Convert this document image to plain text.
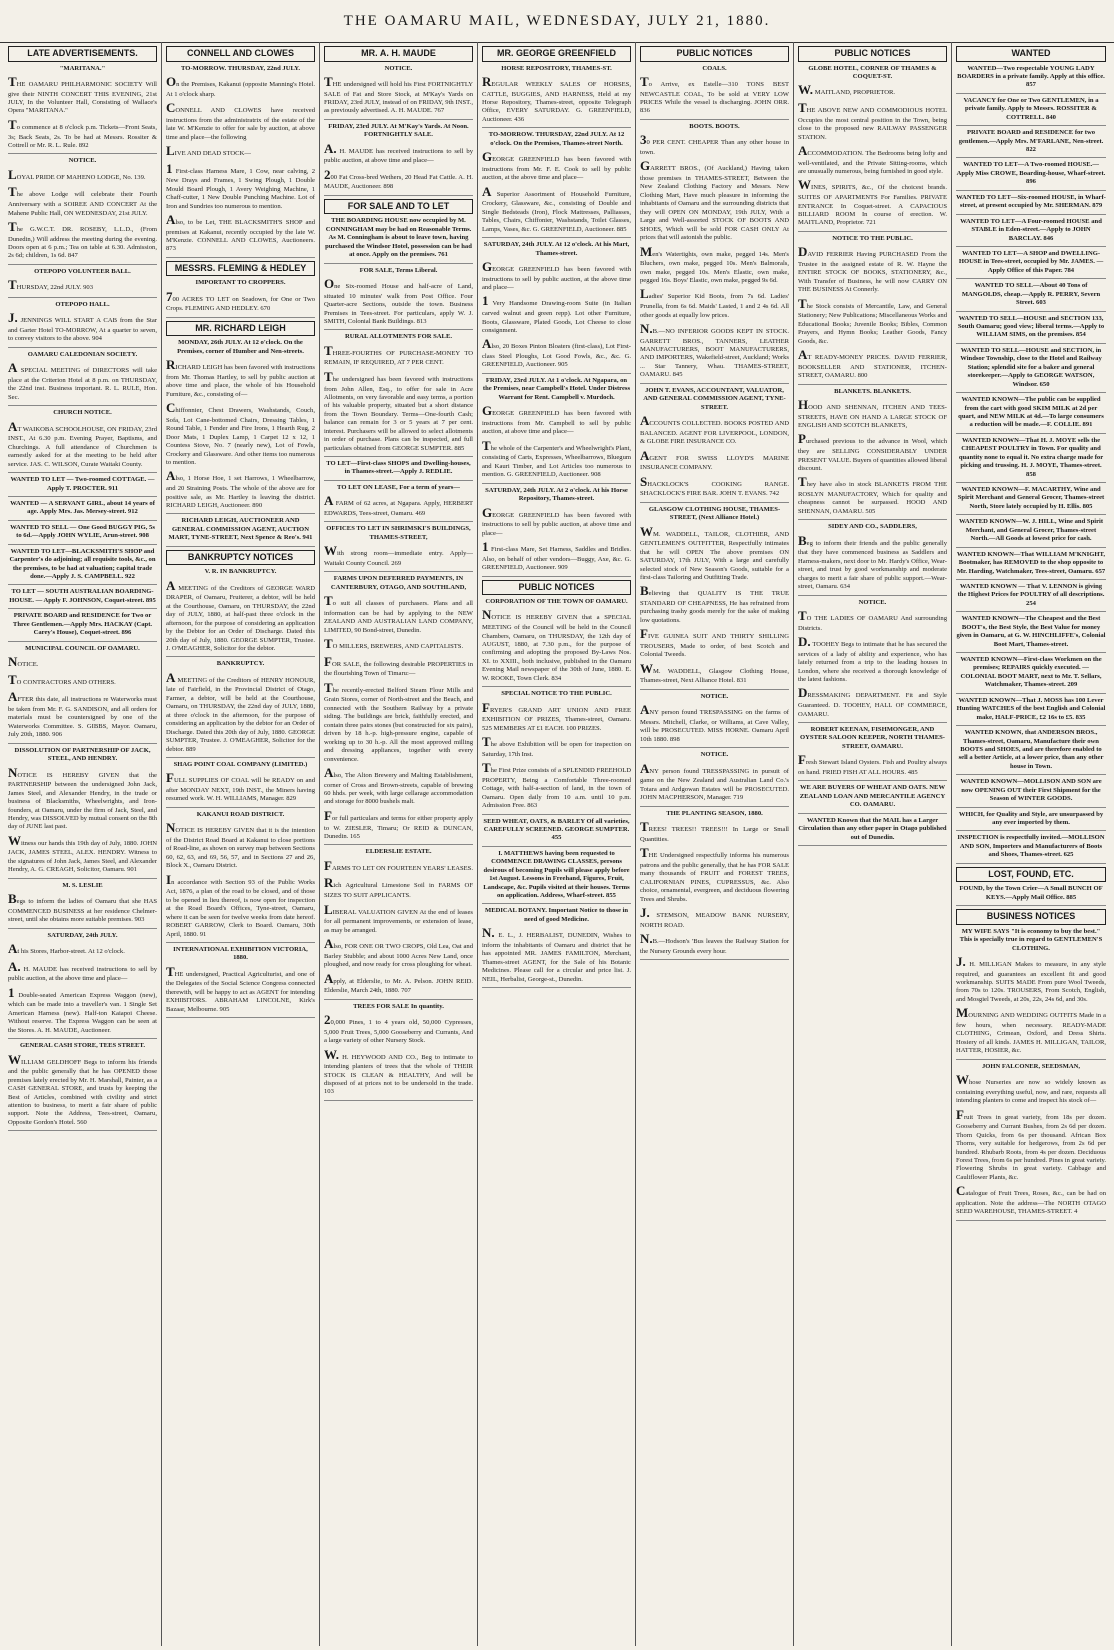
THE OAMARU MAIL, WEDNESDAY, JULY 21, 1880.
LATE ADVERTISEMENTS.

"MARITANA."

THE OAMARU PHILHARMONIC SOCIETY Will give their NINTH CONCERT THIS EVENING, 21st JULY, In the Volunteer Hall, Consisting of Wallace's Opera "MARITANA."

To commence at 8 o'clock p.m. Tickets—Front Seats, 3s; Back Seats, 2s. To be had at Messrs. Rossiter & Cottrell or Mr. R. L. Rule. 892

NOTICE.

LOYAL PRIDE OF MAHENO LODGE, No. 139.

The above Lodge will celebrate their Fourth Anniversary with a SOIREE AND CONCERT At the Mahene Public Hall, ON WEDNESDAY, 21st JULY.

The G.W.C.T. DR. ROSEBY, L.L.D., (From Dunedin,) Will address the meeting during the evening. Doors open at 6 p.m.; Tea on table at 6.30. Admission, 2s 6d; children, 1s 6d. 847

OTEPOPO VOLUNTEER BALL.

THURSDAY, 22nd JULY. 903

OTEPOPO HALL.

J. JENNINGS WILL START A CAB from the Star and Garter Hotel TO-MORROW, At a quarter to seven, to convey visitors to the above. 904

OAMARU CALEDONIAN SOCIETY.

A SPECIAL MEETING of DIRECTORS will take place at the Criterion Hotel at 8 p.m. on THURSDAY, the 22nd inst. Business important. R. L. RULE, Hon. Sec.

CHURCH NOTICE.

AT WAIKOBA SCHOOLHOUSE, ON FRIDAY, 23rd INST., At 6.30 p.m. Evening Prayer, Baptisms, and Churchings. A full attendance of Churchmen is earnestly asked for at the meeting to be held after service. JAS. C. WILSON, Curate Waitaki County.

WANTED TO LET — Two-roomed COTTAGE. — Apply T. PROCTER. 911

WANTED — A SERVANT GIRL, about 14 years of age. Apply Mrs. Jas. Mersey-street. 912

WANTED TO SELL — One Good BUGGY PIG, 5s to 6d.—Apply JOHN WYLIE, Arun-street. 908

WANTED TO LET—BLACKSMITH'S SHOP and Carpenter's do adjoining; all requisite tools, &c., on the premises, to be had at valuation; capital trade done.—Apply J. S. CAMPBELL. 922

TO LET — SOUTH AUSTRALIAN BOARDING-HOUSE. — Apply F. JOHNSON, Coquet-street. 895

PRIVATE BOARD and RESIDENCE for Two or Three Gentlemen.—Apply Mrs. HACKAY (Capt. Carey's House), Coquet-street. 896

MUNICIPAL COUNCIL OF OAMARU.

NOTICE.

TO CONTRACTORS AND OTHERS.

AFTER this date, all instructions re Waterworks must be taken from Mr. F. G. SANDISON, and all orders for materials must be countersigned by one of the Waterworks Committee. S. GIBBS, Mayor. Oamaru, July 20th, 1880. 906

DISSOLUTION OF PARTNERSHIP OF JACK, STEEL, AND HENDRY.

NOTICE IS HEREBY GIVEN that the PARTNERSHIP between the undersigned John Jack, James Steel, and Alexander Hendry, in the trade or business of Blacksmiths, Wheelwrights, and Iron-founders, at Oamaru, under the firm of Jack, Steel, and Hendry, was DISSOLVED by mutual consent on the 8th day of JUNE last past.

Witness our hands this 19th day of July, 1880. JOHN JACK, JAMES STEEL, ALEX. HENDRY. Witness to the signatures of John Jack, James Steel, and Alexander Hendry, A. G. CREAGH, Solicitor, Oamaru. 901

M. S. LESLIE

Begs to inform the ladies of Oamaru that she HAS COMMENCED BUSINESS at her residence Chelmer-street, until she obtains more suitable premises. 903

SATURDAY, 24th JULY.

At his Stores, Harbor-street. At 12 o'clock.

A. H. MAUDE has received instructions to sell by public auction, at the above time and place—

1 Double-seated American Express Waggon (new), which can be made into a traveller's van. 1 Single Set American Harness (new). Half-ton Kaiapoi Cheese. Without reserve. The Express Waggon can be seen at the Stores. A. H. MAUDE, Auctioneer.

GENERAL CASH STORE, TEES STREET.

WILLIAM GELDHOFF Begs to inform his friends and the public generally that he has OPENED those premises lately erected by Mr. H. Marshall, Painter, as a CASH GENERAL STORE, and trusts by keeping the Best of Articles, combined with civility and strict attention to business, to merit a fair share of public support. Note the Address, Tees-street, Oamaru, Opposite Gordon's Hotel. 560

CONNELL AND CLOWES

TO-MORROW. THURSDAY, 22nd JULY.

On the Premises, Kakanui (opposite Manning's Hotel. At 1 o'clock sharp.

CONNELL AND CLOWES have received instructions from the administratrix of the estate of the late W. M'Kenzie to offer for sale by auction, at above time and place—the following

LIVE AND DEAD STOCK—

1 First-class Harness Mare, 1 Cow, near calving, 2 New Drays and Frames, 1 Swing Plough, 1 Double Mould Board Plough, 1 Avery Weighing Machine, 1 Chaff-cutter, 1 New Double Punching Machine. Lot of Iron and Sundries too numerous to mention.

Also, to be Let, THE BLACKSMITH'S SHOP and premises at Kakanui, recently occupied by the late W. M'Kenzie. CONNELL AND CLOWES, Auctioneers. 873

MESSRS. FLEMING & HEDLEY

IMPORTANT TO CROPPERS.

700 ACRES TO LET on Seadown, for One or Two Crops. FLEMING AND HEDLEY. 670

MR. RICHARD LEIGH

MONDAY, 26th JULY. At 12 o'clock. On the Premises, corner of Humber and Nen-streets.

RICHARD LEIGH has been favored with instructions from Mr. Thomas Hartley, to sell by public auction at above time and place, the whole of his Household Furniture, &c., consisting of—

Chiffonnier, Chest Drawers, Washstands, Couch, Sofa, Lot Cane-bottomed Chairs, Dressing Tables, 1 Round Table, 1 Fender and Fire Irons, 1 Hearth Rug, 2 Door Mats, 1 Duplex Lamp, 1 Carpet 12 x 12, 1 Countess Stove, No. 7 (nearly new), Lot of Fowls, Crockery and Glassware. And other items too numerous to mention.

Also, 1 Horse Hoe, 1 set Harrows, 1 Wheelbarrow, and 20 Straining Posts. The whole of the above are for positive sale, as Mr. Hartley is leaving the district. RICHARD LEIGH, Auctioneer. 890

RICHARD LEIGH, AUCTIONEER AND GENERAL COMMISSION AGENT, AUCTION MART, TYNE-STREET, Next Spence & Reo's. 941

BANKRUPTCY NOTICES

V. R. IN BANKRUPTCY.

A MEETING of the Creditors of GEORGE WARD DRAPER, of Oamaru, Fruiterer, a debtor, will be held at the Courthouse, Oamaru, on THURSDAY, the 22nd day of JULY, 1880, at half-past three o'clock in the afternoon, for the purpose of considering an application by the Debtor for an Order of Discharge. Dated this 20th day of July, 1880. GEORGE SUMPTER, Trustee. J. O'MEAGHER, Solicitor for the debtor.

BANKRUPTCY.

A MEETING of the Creditors of HENRY HONOUR, late of Fairfield, in the Provincial District of Otago, Farmer, a debtor, will be held at the Courthouse, Oamaru, on THURSDAY, the 22nd day of JULY, 1880, at three o'clock in the afternoon, for the purpose of considering an application by the debtor for an Order of Discharge. Dated this 20th day of July, 1880. GEORGE SUMPTER, Trustee. J. O'MEAGHER, Solicitor for the debtor. 889

SHAG POINT COAL COMPANY (LIMITED.)

FULL SUPPLIES OF COAL will be READY on and after MONDAY NEXT, 19th INST., the Miners having resumed work. W. H. WILLIAMS, Manager. 829

KAKANUI ROAD DISTRICT.

NOTICE IS HEREBY GIVEN that it is the intention of the District Road Board at Kakanui to close portions of Road-line, as shown on survey map between Sections 60, 62, 63, and 69, 56, 57, and in Sections 27 and 26, Block X., Oamaru District.

In accordance with Section 93 of the Public Works Act, 1876, a plan of the road to be closed, and of those to be opened in lieu thereof, is now open for inspection at the Road Board's Offices, Tyne-street, Oamaru, where it can be seen for twelve weeks from date hereof. ROBERT GARROW, Clerk to Board. Oamaru, 30th April, 1880. 91

INTERNATIONAL EXHIBITION VICTORIA, 1880.

THE undersigned, Practical Agriculturist, and one of the Delegates of the Social Science Congress connected therewith, will be happy to act as AGENT for intending EXHIBITORS. ABRAHAM LINCOLNE, Kirk's Bazaar, Melbourne. 905

MR. A. H. MAUDE

NOTICE.

THE undersigned will hold his First FORTNIGHTLY SALE of Fat and Store Stock, at M'Kay's Yards on FRIDAY, 23rd JULY, instead of on FRIDAY, 9th INST., as previously advertised. A. H. MAUDE. 767

FRIDAY, 23rd JULY. At M'Kay's Yards. At Noon. FORTNIGHTLY SALE.

A. H. MAUDE has received instructions to sell by public auction, at above time and place—

200 Fat Cross-bred Wethers, 20 Head Fat Cattle. A. H. MAUDE, Auctioneer. 898

FOR SALE AND TO LET

THE BOARDING HOUSE now occupied by M. CONNINGHAM may be had on Reasonable Terms. As M. Conningham is about to leave town, having purchased the Windsor Hotel, possession can be had at once. Apply on the premises. 761

FOR SALE, Terms Liberal.

One Six-roomed House and half-acre of Land, situated 10 minutes' walk from Post Office. Four Quarter-acre Sections, outside the town. Business Premises in Tees-street. For particulars, apply W. J. SMITH, Colonial Bank Buildings. 813

RURAL ALLOTMENTS FOR SALE.

THREE-FOURTHS OF PURCHASE-MONEY TO REMAIN, IF REQUIRED, AT 7 PER CENT.

The undersigned has been favored with instructions from John Allen, Esq., to offer for sale in Acre Allotments, on very favorable and easy terms, a portion of his valuable property, situated but a short distance from the Town Boundary. Terms—One-fourth Cash; balance can remain for 3 or 5 years at 7 per cent. interest. Purchasers will be allowed to select allotments in order of purchase. Plans can be inspected, and full particulars obtained from GEORGE SUMPTER. 885

TO LET—First-class SHOPS and Dwelling-houses, in Thames-street.—Apply J. REDLIE.

TO LET ON LEASE, For a term of years—

A FARM of 62 acres, at Ngapara. Apply, HERBERT EDWARDS, Tees-street, Oamaru. 469

OFFICES TO LET IN SHRIMSKI'S BUILDINGS, THAMES-STREET,

With strong room—immediate entry. Apply—Waitaki County Council. 269

FARMS UPON DEFERRED PAYMENTS, IN CANTERBURY, OTAGO, AND SOUTHLAND,

To suit all classes of purchasers. Plans and all information can be had by applying to the NEW ZEALAND AND AUSTRALIAN LAND COMPANY, LIMITED, 90 Bond-street, Dunedin.

TO MILLERS, BREWERS, AND CAPITALISTS.

FOR SALE, the following desirable PROPERTIES in the flourishing Town of Timaru:—

The recently-erected Belford Steam Flour Mills and Grain Stores, corner of North-street and the Beach, and connected with the Southern Railway by a private siding. The buildings are brick, faithfully erected, and contain three pairs stones (but constructed for six pairs), driven by 18 h.-p. high-pressure engine, capable of working up to 30 h.-p. All the most approved milling and dressing appliances, together with every convenience.

Also, The Alton Brewery and Malting Establishment, corner of Cross and Brown-streets, capable of brewing 60 hhds. per week, with large cellarage accommodation and storage for 8000 bushels malt.

For full particulars and terms for either property apply to W. ZIESLER, Timaru; Or REID & DUNCAN, Dunedin. 165

ELDERSLIE ESTATE.

FARMS TO LET ON FOURTEEN YEARS' LEASES.

Rich Agricultural Limestone Soil in FARMS OF SIZES TO SUIT APPLICANTS.

LIBERAL VALUATION GIVEN At the end of leases for all permanent improvements, or extension of lease, as may be arranged.

Also, FOR ONE OR TWO CROPS, Old Lea, Oat and Barley Stubble; and about 1000 Acres New Land, once ploughed, and now ready for cross ploughing for wheat.

Apply, at Elderslie, to Mr. A. Pelson. JOHN REID. Elderslie, March 24th, 1880. 707

TREES FOR SALE In quantity.

20,000 Pines, 1 to 4 years old, 50,000 Cypresses, 5,000 Fruit Trees, 5,000 Gooseberry and Currants, And a large variety of other Nursery Stock.

W. H. HEYWOOD AND CO., Beg to intimate to intending planters of trees that the whole of THEIR STOCK IS CLEAN & HEALTHY, And will be disposed of at prices not to be undersold in the trade. 103

MR. GEORGE GREENFIELD

HORSE REPOSITORY, THAMES-ST.

REGULAR WEEKLY SALES OF HORSES, CATTLE, BUGGIES, AND HARNESS, Held at my Horse Repository, Thames-street, opposite Telegraph Office, EVERY SATURDAY. G. GREENFIELD, Auctioneer. 436

TO-MORROW. THURSDAY, 22nd JULY. At 12 o'clock. On the Premises, Thames-street North.

GEORGE GREENFIELD has been favored with instructions from Mr. F. E. Cook to sell by public auction, at the above time and place—

A Superior Assortment of Household Furniture, Crockery, Glassware, &c., consisting of Double and Single Bedsteads (Iron), Flock Mattresses, Palliasses, Tables, Chairs, Chiffonier, Washstands, Toilet Glasses, Lamps, Vases, &c. G. GREENFIELD, Auctioneer. 885

SATURDAY, 24th JULY. At 12 o'clock. At his Mart, Thames-street.

GEORGE GREENFIELD has been favored with instructions to sell by public auction, at the above time and place—

1 Very Handsome Drawing-room Suite (in Italian carved walnut and green repp). Lot other Furniture, Boots, Glassware, Plated Goods, Lot Cheese to close consignment.

Also, 20 Boxes Pinton Bloaters (first-class), Lot First-class Steel Ploughs, Lot Good Fowls, &c., &c. G. GREENFIELD, Auctioneer. 905

FRIDAY, 23rd JULY. At 1 o'clock. At Ngapara, on the Premises, near Campbell's Hotel. Under Distress Warrant for Rent. Campbell v. Murdoch.

GEORGE GREENFIELD has been favored with instructions from Mr. Campbell to sell by public auction, at above time and place—

The whole of the Carpenter's and Wheelwright's Plant, consisting of Carts, Expresses, Wheelbarrows, Bluegum and Kauri Timber, and Lot Articles too numerous to mention. G. GREENFIELD, Auctioneer. 908

SATURDAY, 24th JULY. At 2 o'clock. At his Horse Repository, Thames-street.

GEORGE GREENFIELD has been favored with instructions to sell by public auction, at above time and place—

1 First-class Mare, Set Harness, Saddles and Bridles. Also, on behalf of other vendors—Buggy, Axe, &c. G. GREENFIELD, Auctioneer. 909

PUBLIC NOTICES

CORPORATION OF THE TOWN OF OAMARU.

NOTICE IS HEREBY GIVEN that a SPECIAL MEETING of the Council will be held in the Council Chambers, Oamaru, on THURSDAY, the 12th day of AUGUST, 1880, at 7.30 p.m., for the purpose of confirming and adopting the proposed By-Laws Nos. XI. to XXIII., both inclusive, published in the Oamaru Evening Mail newspaper of the 30th of June, 1880. E. W. ROOKE, Town Clerk. 834

SPECIAL NOTICE TO THE PUBLIC.

FRYER'S GRAND ART UNION AND FREE EXHIBITION OF PRIZES, Thames-street, Oamaru. 525 MEMBERS AT £1 EACH. 100 PRIZES.

The above Exhibition will be open for inspection on Saturday, 17th Inst.

The First Prize consists of a SPLENDID FREEHOLD PROPERTY, Being a Comfortable Three-roomed Cottage, with half-a-section of land, in the town of Oamaru. Open daily from 10 a.m. until 10 p.m. Admission Free. 863

SEED WHEAT, OATS, & BARLEY Of all varieties, CAREFULLY SCREENED. GEORGE SUMPTER. 455

I. MATTHEWS having been requested to COMMENCE DRAWING CLASSES, persons desirous of becoming Pupils will please apply before 1st August. Lessons in Freehand, Figures, Fruit, Landscape, &c. Pupils visited at their houses. Terms on application. Address, Wharf-street. 855

MEDICAL BOTANY. Important Notice to those in need of good Medicine.

N. E. L., J. HERBALIST, DUNEDIN, Wishes to inform the inhabitants of Oamaru and district that he has appointed MR. JAMES FAMILTON, Merchant, Thames-street AGENT, for the Sale of his Botanic Medicines. Please call for a circular and price list. J. NEIL, Herbalist, George-st., Dunedin.

PUBLIC NOTICES

COALS.

To Arrive, ex Estelle—310 TONS BEST NEWCASTLE COAL, To be sold at VERY LOW PRICES While the vessel is discharging. JOHN ORR. 836

BOOTS. BOOTS.

30 PER CENT. CHEAPER Than any other house in town.

GARRETT BROS., (Of Auckland,) Having taken those premises in THAMES-STREET, Between the New Zealand Clothing Factory and Messrs. New Clothing Mart, Have much pleasure in informing the inhabitants of Oamaru and the surrounding districts that they will OPEN ON MONDAY, 19th JULY, With a Large and Well-assorted STOCK OF BOOTS AND SHOES, Which will be sold FOR CASH ONLY At prices that will astonish the public.

Men's Watertights, own make, pegged 14s. Men's Bluchers, own make, pegged 10s. Men's Balmorals, own make, pegged 10s. Men's Elastic, own make, pegged 16s. Boys' Elastic, own make, pegged 9s 6d.

Ladies' Superior Kid Boots, from 7s 6d. Ladies' Prunella, from 6s 6d. Maids' Lasted, 1 and 2 4s 6d. All other goods at equally low prices.

N.B.—NO INFERIOR GOODS KEPT IN STOCK. GARRETT BROS., TANNERS, LEATHER MANUFACTURERS, BOOT MANUFACTURERS, AND IMPORTERS, Wakefield-street, Auckland; Works ... Star Tannery, Whau. THAMES-STREET, OAMARU. 845

JOHN T. EVANS, ACCOUNTANT, VALUATOR, AND GENERAL COMMISSION AGENT, TYNE-STREET.

ACCOUNTS COLLECTED. BOOKS POSTED AND BALANCED. AGENT FOR LIVERPOOL, LONDON, & GLOBE FIRE INSURANCE CO.

AGENT FOR SWISS LLOYD'S MARINE INSURANCE COMPANY.

SHACKLOCK'S COOKING RANGE. SHACKLOCK'S FIRE BAR. JOHN T. EVANS. 742

GLASGOW CLOTHING HOUSE, THAMES-STREET, (Next Alliance Hotel.)

WM. WADDELL, TAILOR, CLOTHIER, AND GENTLEMEN'S OUTFITTER, Respectfully intimates that he will OPEN The above premises ON SATURDAY, 17th JULY, With a large and carefully selected stock of New Season's Goods, suitable for a first-class Tailoring and Outfitting Trade.

Believing that QUALITY IS THE TRUE STANDARD OF CHEAPNESS, He has refrained from purchasing trashy goods merely for the sake of making low quotations.

FIVE GUINEA SUIT AND THIRTY SHILLING TROUSERS, Made to order, of best Scotch and Colonial Tweeds.

WM. WADDELL, Glasgow Clothing House, Thames-street, Next Alliance Hotel. 831

NOTICE.

ANY person found TRESPASSING on the farms of Messrs. Mitchell, Clarke, or Williams, at Cave Valley, will be PROSECUTED. MISS HORNE. Oamaru April 10th 1880. 898

NOTICE.

ANY person found TRESSPASSING in pursuit of game on the New Zealand and Australian Land Co.'s Totara and Ardgowan Estates will be PROSECUTED. JOHN MACPHERSON, Manager. 719

THE PLANTING SEASON, 1880.

TREES! TREES!! TREES!!! In Large or Small Quantities.

THE Undersigned respectfully informs his numerous patrons and the public generally, that he has FOR SALE many thousands of FRUIT and FOREST TREES, CALIFORNIAN PINES, CUPRESSUS, &c. Also choice, ornamental, evergreen, and deciduous flowering Trees and Shrubs.

J. STEMSON, MEADOW BANK NURSERY, NORTH ROAD.

N.B.—Hodson's 'Bus leaves the Railway Station for the Nursery Grounds every hour.

PUBLIC NOTICES

GLOBE HOTEL, CORNER OF THAMES & COQUET-ST.

W. MAITLAND, PROPRIETOR.

THE ABOVE NEW AND COMMODIOUS HOTEL Occupies the most central position in the Town, being close to the proposed new RAILWAY PASSENGER STATION.

ACCOMMODATION. The Bedrooms being lofty and well-ventilated, and the Private Sitting-rooms, which are unusually numerous, being furnished in good style.

WINES, SPIRITS, &c., Of the choicest brands. SUITES OF APARTMENTS For Families. PRIVATE ENTRANCE In Coquet-street. A CAPACIOUS BILLIARD ROOM In course of erection. W. MAITLAND, Proprietor. 721

NOTICE TO THE PUBLIC.

DAVID FERRIER Having PURCHASED From the Trustee in the assigned estate of R. W. Hayne the ENTIRE STOCK OF BOOKS, STATIONERY, &c., With Transfer of Business, he will now CARRY ON THE BUSINESS At Connerly.

The Stock consists of Mercantile, Law, and General Stationery; New Publications; Miscellaneous Works and Educational Books; Juvenile Books; Bibles, Common Prayers, and Hymn Books; Leather Goods, Fancy Goods, &c.

AT READY-MONEY PRICES. DAVID FERRIER, BOOKSELLER AND STATIONER, ITCHEN-STREET, OAMARU. 800

BLANKETS. BLANKETS.

HOOD AND SHENNAN, ITCHEN AND TEES-STREETS, HAVE ON HAND A LARGE STOCK OF ENGLISH AND SCOTCH BLANKETS,

Purchased previous to the advance in Wool, which they are SELLING CONSIDERABLY UNDER PRESENT VALUE. Buyers of quantities allowed liberal discount.

They have also in stock BLANKETS FROM THE ROSLYN MANUFACTORY, Which for quality and cheapness cannot be surpassed. HOOD AND SHENNAN, OAMARU. 505

SIDEY AND CO., SADDLERS,

Beg to inform their friends and the public generally that they have commenced business as Saddlers and Harness-makers, next door to Mr. Hardy's Office, Wear-street, and trust by good workmanship and moderate charges to merit a fair share of public support.—Wear-street, Oamaru. 634

NOTICE.

TO THE LADIES OF OAMARU And surrounding Districts.

D. TOOHEY Begs to intimate that he has secured the services of a lady of ability and experience, who has lately returned from a trip to the leading houses in London, where she received a thorough knowledge of the latest fashions.

DRESSMAKING DEPARTMENT. Fit and Style Guaranteed. D. TOOHEY, HALL OF COMMERCE, OAMARU.

ROBERT KEENAN, FISHMONGER, AND OYSTER SALOON KEEPER, NORTH THAMES-STREET, OAMARU.

Fresh Stewart Island Oysters. Fish and Poultry always on hand. FRIED FISH AT ALL HOURS. 485

WE ARE BUYERS OF WHEAT AND OATS. NEW ZEALAND LOAN AND MERCANTILE AGENCY CO. OAMARU.

WANTED Known that the MAIL has a Larger Circulation than any other paper in Otago published out of Dunedin.

WANTED

WANTED—Two respectable YOUNG LADY BOARDERS in a private family. Apply at this office. 857

VACANCY for One or Two GENTLEMEN, in a private family. Apply to Messrs. ROSSITER & COTTRELL. 840

PRIVATE BOARD and RESIDENCE for two gentlemen.—Apply Mrs. M'FARLANE, Nen-street. 822

WANTED TO LET—A Two-roomed HOUSE.—Apply Miss CROWE, Boarding-house, Wharf-street. 896

WANTED TO LET—Six-roomed HOUSE, in Wharf-street, at present occupied by Mr. SHERMAN. 879

WANTED TO LET—A Four-roomed HOUSE and STABLE in Eden-street.—Apply to JOHN BARCLAY. 846

WANTED TO LET—A SHOP and DWELLING-HOUSE in Tees-street, occupied by Mr. JAMES. — Apply Office of this Paper. 784

WANTED TO SELL—About 40 Tons of MANGOLDS, cheap.—Apply R. PERRY, Severn Street. 603

WANTED TO SELL—HOUSE and SECTION 133, South Oamaru; good view; liberal terms.—Apply to WILLIAM SIMS, on the premises. 854

WANTED TO SELL—HOUSE and SECTION, in Windsor Township, close to the Hotel and Railway Station; splendid site for a baker and general storekeeper.—Apply to GEORGE WATSON, Windsor. 650

WANTED KNOWN—The public can be supplied from the cart with good SKIM MILK at 2d per quart, and NEW MILK at 4d.—To large consumers a reduction will be made.—F. COLLIE. 891

WANTED KNOWN—That H. J. MOYE sells the CHEAPEST POULTRY in Town. For quality and quantity none to equal it. No extra charge made for picking and trussing. H. J. MOYE, Thames-street. 858

WANTED KNOWN—F. MACARTHY, Wine and Spirit Merchant and General Grocer, Thames-street North, Store lately occupied by H. Ellis. 805

WANTED KNOWN—W. J. HILL, Wine and Spirit Merchant, and General Grocer, Thames-street North.—All Goods at lowest price for cash.

WANTED KNOWN—That WILLIAM M'KNIGHT, Bootmaker, has REMOVED to the shop opposite to Mr. Harding, Watchmaker, Tees-street, Oamaru. 657

WANTED KNOWN — That V. LENNON is giving the Highest Prices for POULTRY of all descriptions. 254

WANTED KNOWN—The Cheapest and the Best BOOT's, the Best Style, the Best Value for money given in Oamaru, at G. W. HINCHLIFFE's, Colonial Boot Mart, Thames-street.

WANTED KNOWN—First-class Workmen on the premises; REPAIRS quickly executed. — COLONIAL BOOT MART, next to Mr. T. Sellars, Watchmaker, Thames-street. 209

WANTED KNOWN—That J. MOSS has 100 Lever Hunting WATCHES of the best English and Colonial make, HALF-PRICE, £2 16s to £5. 835

WANTED KNOWN, that ANDERSON BROS., Thames-street, Oamaru, Manufacture their own BOOTS and SHOES, and are therefore enabled to sell a better Article, at a lower price, than any other house in Town.

WANTED KNOWN—MOLLISON AND SON are now OPENING OUT their First Shipment for the Season of WINTER GOODS.

WHICH, for Quality and Style, are unsurpassed by any ever imported by them.

INSPECTION is respectfully invited.—MOLLISON AND SON, Importers and Manufacturers of Boots and Shoes, Thames-street. 625

LOST, FOUND, ETC.

FOUND, by the Town Crier—A Small BUNCH OF KEYS.—Apply Mail Office. 885

BUSINESS NOTICES

MY WIFE SAYS "It is economy to buy the best." This is specially true in regard to GENTLEMEN'S CLOTHING.

J. H. MILLIGAN Makes to measure, in any style required, and guarantees an excellent fit and good workmanship. SUITS MADE From pure Wool Tweeds, from 70s to 120s. TROUSERS, From Scotch, English, and Mosgiel Tweeds, at 20s, 22s, 24s 6d, and 30s.

MOURNING AND WEDDING OUTFITS Made in a few hours, when necessary. READY-MADE CLOTHING, Crimean, Oxford, and Dress Shirts. Hosiery of all kinds. JAMES H. MILLIGAN, TAILOR, HATTER, HOSIER, &c.

JOHN FALCONER, SEEDSMAN,

Whose Nurseries are now so widely known as containing everything useful, now, and rare, requests all intending planters to come and inspect his stock of—

Fruit Trees in great variety, from 18s per dozen. Gooseberry and Currant Bushes, from 2s 6d per dozen. Thorn Quicks, from 6s per thousand. African Box Thorns, very suitable for hedgerows, from 2s 6d per hundred. Rhubarb Roots, from 4s per dozen. Deciduous Forest Trees, from 6s per hundred. Pines in great variety. Flowering Shrubs in great variety. Cabbage and Cauliflower Plants, &c.

Catalogue of Fruit Trees, Roses, &c., can be had on application. Note the address—The NORTH OTAGO SEED WAREHOUSE, THAMES-STREET. 4
